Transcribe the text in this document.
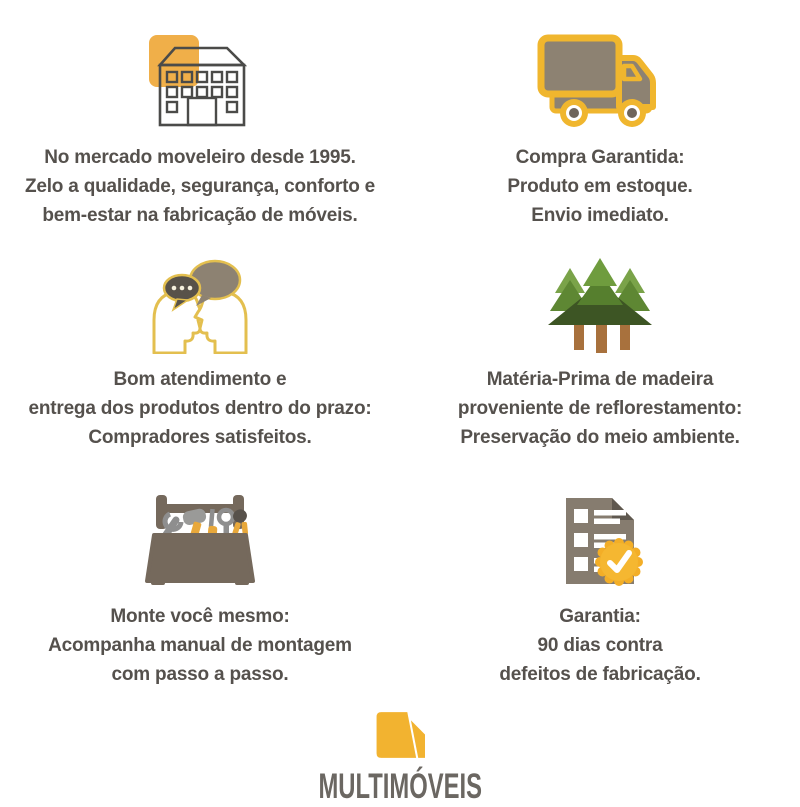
No mercado moveleiro desde 1995.
Zelo a qualidade, segurança, conforto e
bem-estar na fabricação de móveis.
Compra Garantida:
Produto em estoque.
Envio imediato.
Bom atendimento e
entrega dos produtos dentro do prazo:
Compradores satisfeitos.
Matéria-Prima de madeira
proveniente de reflorestamento:
Preservação do meio ambiente.
Monte você mesmo:
Acompanha manual de montagem
com passo a passo.
Garantia:
90 dias contra
defeitos de fabricação.
MULTIMÓVEIS
